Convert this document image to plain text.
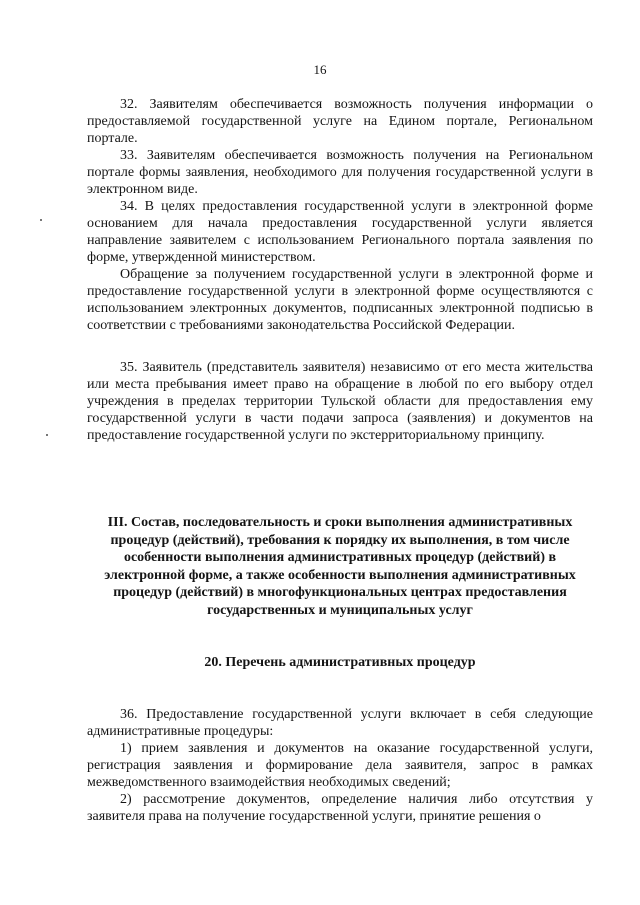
16

32. Заявителям обеспечивается возможность получения информации о предоставляемой государственной услуге на Едином портале, Региональном портале.

33. Заявителям обеспечивается возможность получения на Региональном портале формы заявления, необходимого для получения государственной услуги в электронном виде.

34. В целях предоставления государственной услуги в электронной форме основанием для начала предоставления государственной услуги является направление заявителем с использованием Регионального портала заявления по форме, утвержденной министерством.

Обращение за получением государственной услуги в электронной форме и предоставление государственной услуги в электронной форме осуществляются с использованием электронных документов, подписанных электронной подписью в соответствии с требованиями законодательства Российской Федерации.

35. Заявитель (представитель заявителя) независимо от его места жительства или места пребывания имеет право на обращение в любой по его выбору отдел учреждения в пределах территории Тульской области для предоставления ему государственной услуги в части подачи запроса (заявления) и документов на предоставление государственной услуги по экстерриториальному принципу.

III. Состав, последовательность и сроки выполнения административных процедур (действий), требования к порядку их выполнения, в том числе особенности выполнения административных процедур (действий) в электронной форме, а также особенности выполнения административных процедур (действий) в многофункциональных центрах предоставления государственных и муниципальных услуг
20. Перечень административных процедур

36. Предоставление государственной услуги включает в себя следующие административные процедуры:

1) прием заявления и документов на оказание государственной услуги, регистрация заявления и формирование дела заявителя, запрос в рамках межведомственного взаимодействия необходимых сведений;

2) рассмотрение документов, определение наличия либо отсутствия у заявителя права на получение государственной услуги, принятие решения о
